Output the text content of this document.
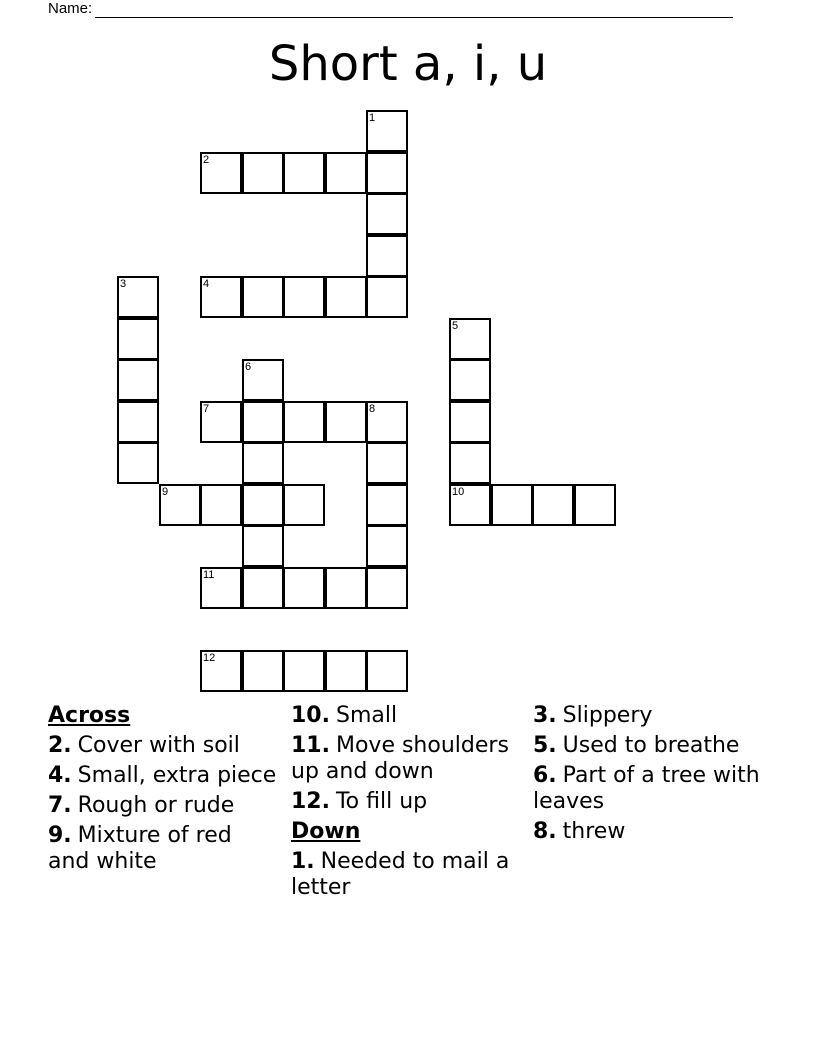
Name:
Short a, i, u
1
2
3	4
5
6
7	8
9	10
11
12
Across
2. Cover with soil
4. Small, extra piece
7. Rough or rude
9. Mixture of red and white
10. Small
11. Move shoulders up and down
12. To fill up
Down
1. Needed to mail a letter
3. Slippery
5. Used to breathe
6. Part of a tree with leaves
8. threw
